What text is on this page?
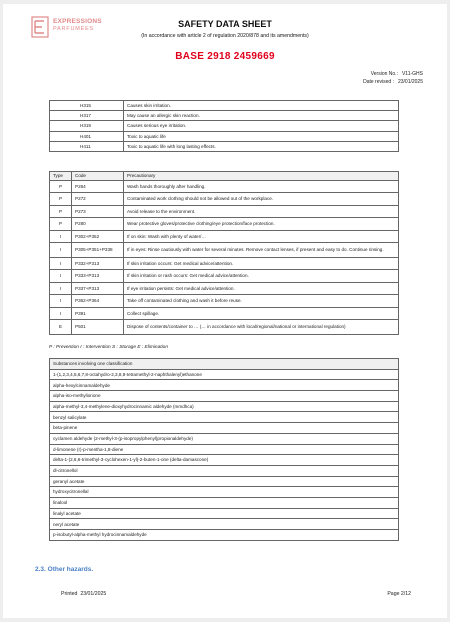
EXPRESSIONS
PARFUMÉES	SAFETY DATA SHEET
(In accordance with article 2 of regulation 2020/878 and its amendments)
BASE 2918 2459669
Version No.: V11-GHS
Date revised : 23/01/2025
H315	Causes skin irritation.
H317	May cause an allergic skin reaction.
H319	Causes serious eye irritation.
H401	Toxic to aquatic life
H411	Toxic to aquatic life with long lasting effects.
Type	Code	Precautionary
P	P264	Wash hands thoroughly after handling.
P	P272	Contaminated work clothing should not be allowed out of the workplace.
P	P273	Avoid release to the environment.
P	P280	Wear protective gloves/protective clothing/eye protection/face protection.
I	P302+P352	If on skin: Wash with plenty of water/…
I	P305+P351+P338	If in eyes: Rinse cautiously with water for several minutes. Remove contact lenses, if present and easy to do. Continue rinsing.
I	P332+P313	If skin irritation occurs: Get medical advice/attention.
I	P333+P313	If skin irritation or rash occurs: Get medical advice/attention.
I	P337+P313	If eye irritation persists: Get medical advice/attention.
I	P362+P364	Take off contaminated clothing and wash it before reuse.
I	P391	Collect spillage.
E	P501	Dispose of contents/container to … (… in accordance with local/regional/national or international regulation)
P : Prevention I : Intervention S : Storage E : Elimination
Substances involving one classification
1-(1,2,3,4,5,6,7,8-octahydro-2,3,8,8-tetramethyl-2-naphthalenyl)ethanone
alpha-hexylcinnamaldehyde
alpha-iso-methylionone
alpha-methyl-3,4-methylene-dioxyhydrocinnamic aldehyde (mmdhca)
benzyl salicylate
beta-pinene
cyclamen aldehyde (2-methyl-3-(p-isopropylphenyl)propionaldehyde)
d-limonene (r)-p-mentha-1,8-diene
delta-1-(2,6,6-trimethyl-3-cyclohexen-1-yl)-2-buten-1-one (delta-damascone)
dl-citronellol
geranyl acetate
hydroxycitronellal
linalool
linalyl acetate
neryl acetate
p-isobutyl-alpha-methyl hydrocinnamaldehyde
2.3. Other hazards.
Printed 23/01/2025	Page 2/12
